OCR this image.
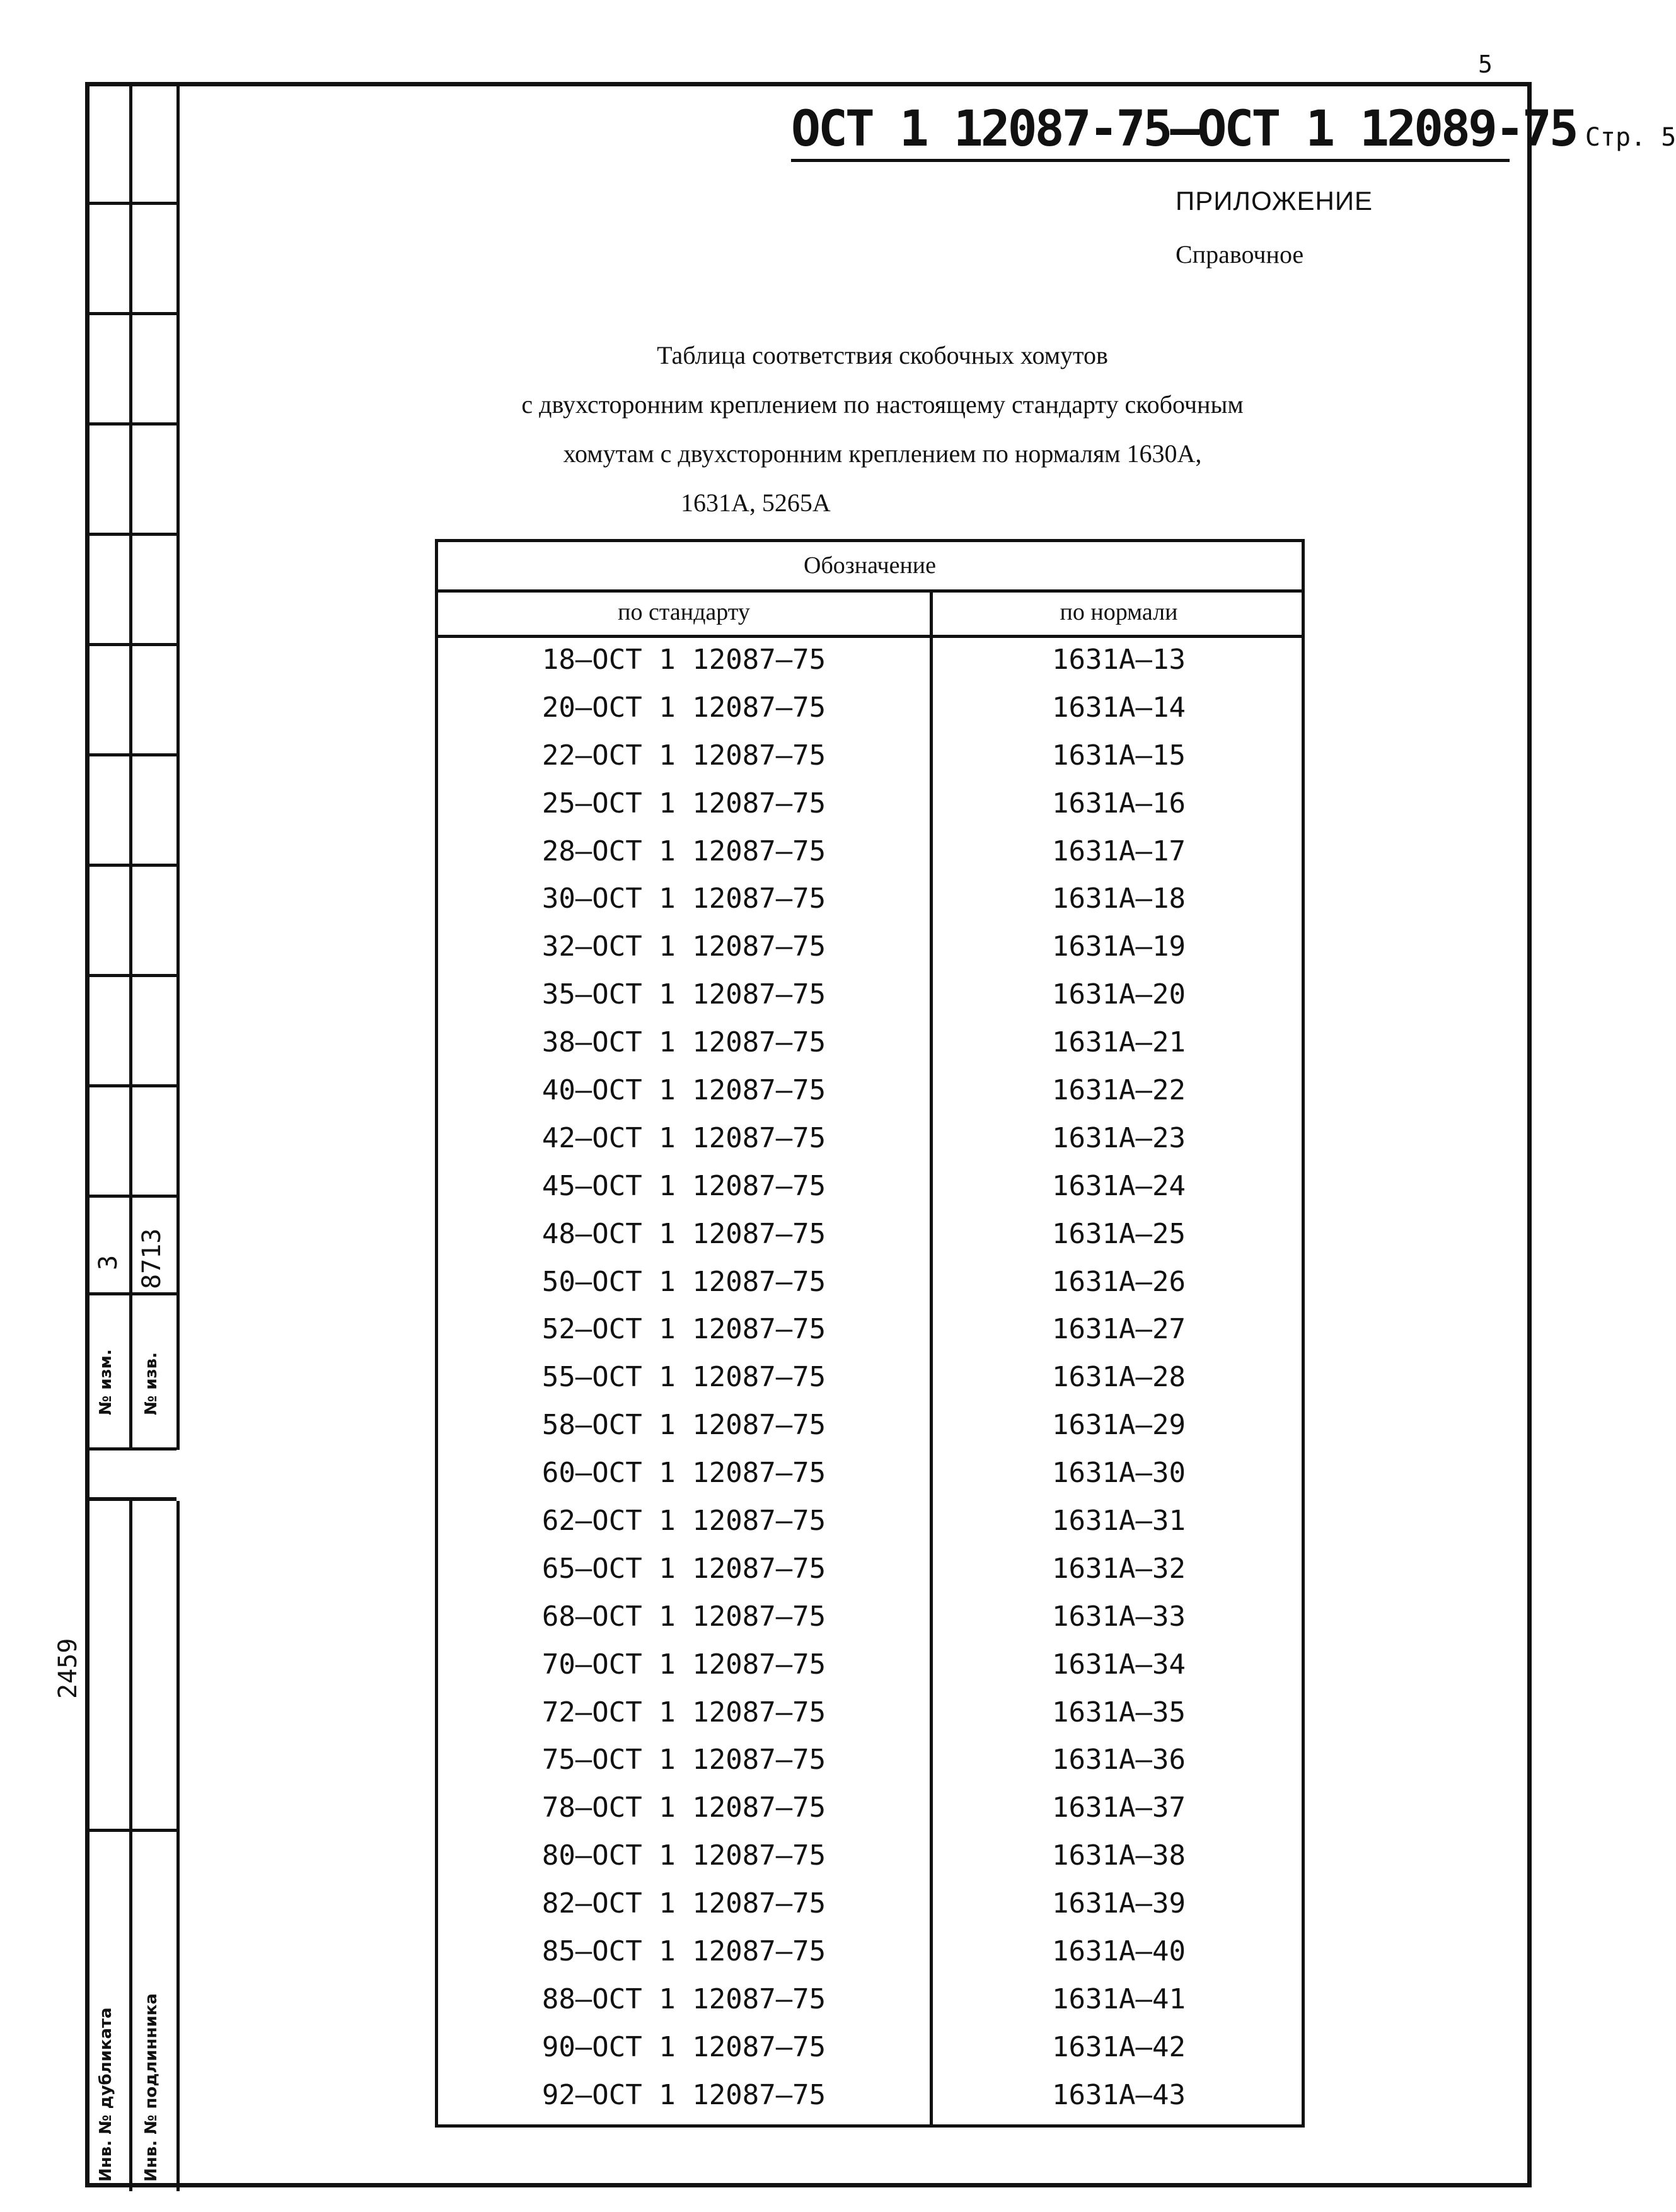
5
3 8713
№ изм. № изв.
2459
Инв. № дубликата Инв. № подлинника
ОСТ 1 12087-75–ОСТ 1 12089-75 Стр. 5
ПРИЛОЖЕНИЕ
Справочное
Таблица соответствия скобочных хомутов
с двухсторонним креплением по настоящему стандарту скобочным
хомутам с двухсторонним креплением по нормалям 1630А,
1631А, 5265А
Обозначение
по стандарту	по нормали
18–ОСТ 1 12087–75	1631А–13
20–ОСТ 1 12087–75	1631А–14
22–ОСТ 1 12087–75	1631А–15
25–ОСТ 1 12087–75	1631А–16
28–ОСТ 1 12087–75	1631А–17
30–ОСТ 1 12087–75	1631А–18
32–ОСТ 1 12087–75	1631А–19
35–ОСТ 1 12087–75	1631А–20
38–ОСТ 1 12087–75	1631А–21
40–ОСТ 1 12087–75	1631А–22
42–ОСТ 1 12087–75	1631А–23
45–ОСТ 1 12087–75	1631А–24
48–ОСТ 1 12087–75	1631А–25
50–ОСТ 1 12087–75	1631А–26
52–ОСТ 1 12087–75	1631А–27
55–ОСТ 1 12087–75	1631А–28
58–ОСТ 1 12087–75	1631А–29
60–ОСТ 1 12087–75	1631А–30
62–ОСТ 1 12087–75	1631А–31
65–ОСТ 1 12087–75	1631А–32
68–ОСТ 1 12087–75	1631А–33
70–ОСТ 1 12087–75	1631А–34
72–ОСТ 1 12087–75	1631А–35
75–ОСТ 1 12087–75	1631А–36
78–ОСТ 1 12087–75	1631А–37
80–ОСТ 1 12087–75	1631А–38
82–ОСТ 1 12087–75	1631А–39
85–ОСТ 1 12087–75	1631А–40
88–ОСТ 1 12087–75	1631А–41
90–ОСТ 1 12087–75	1631А–42
92–ОСТ 1 12087–75	1631А–43
